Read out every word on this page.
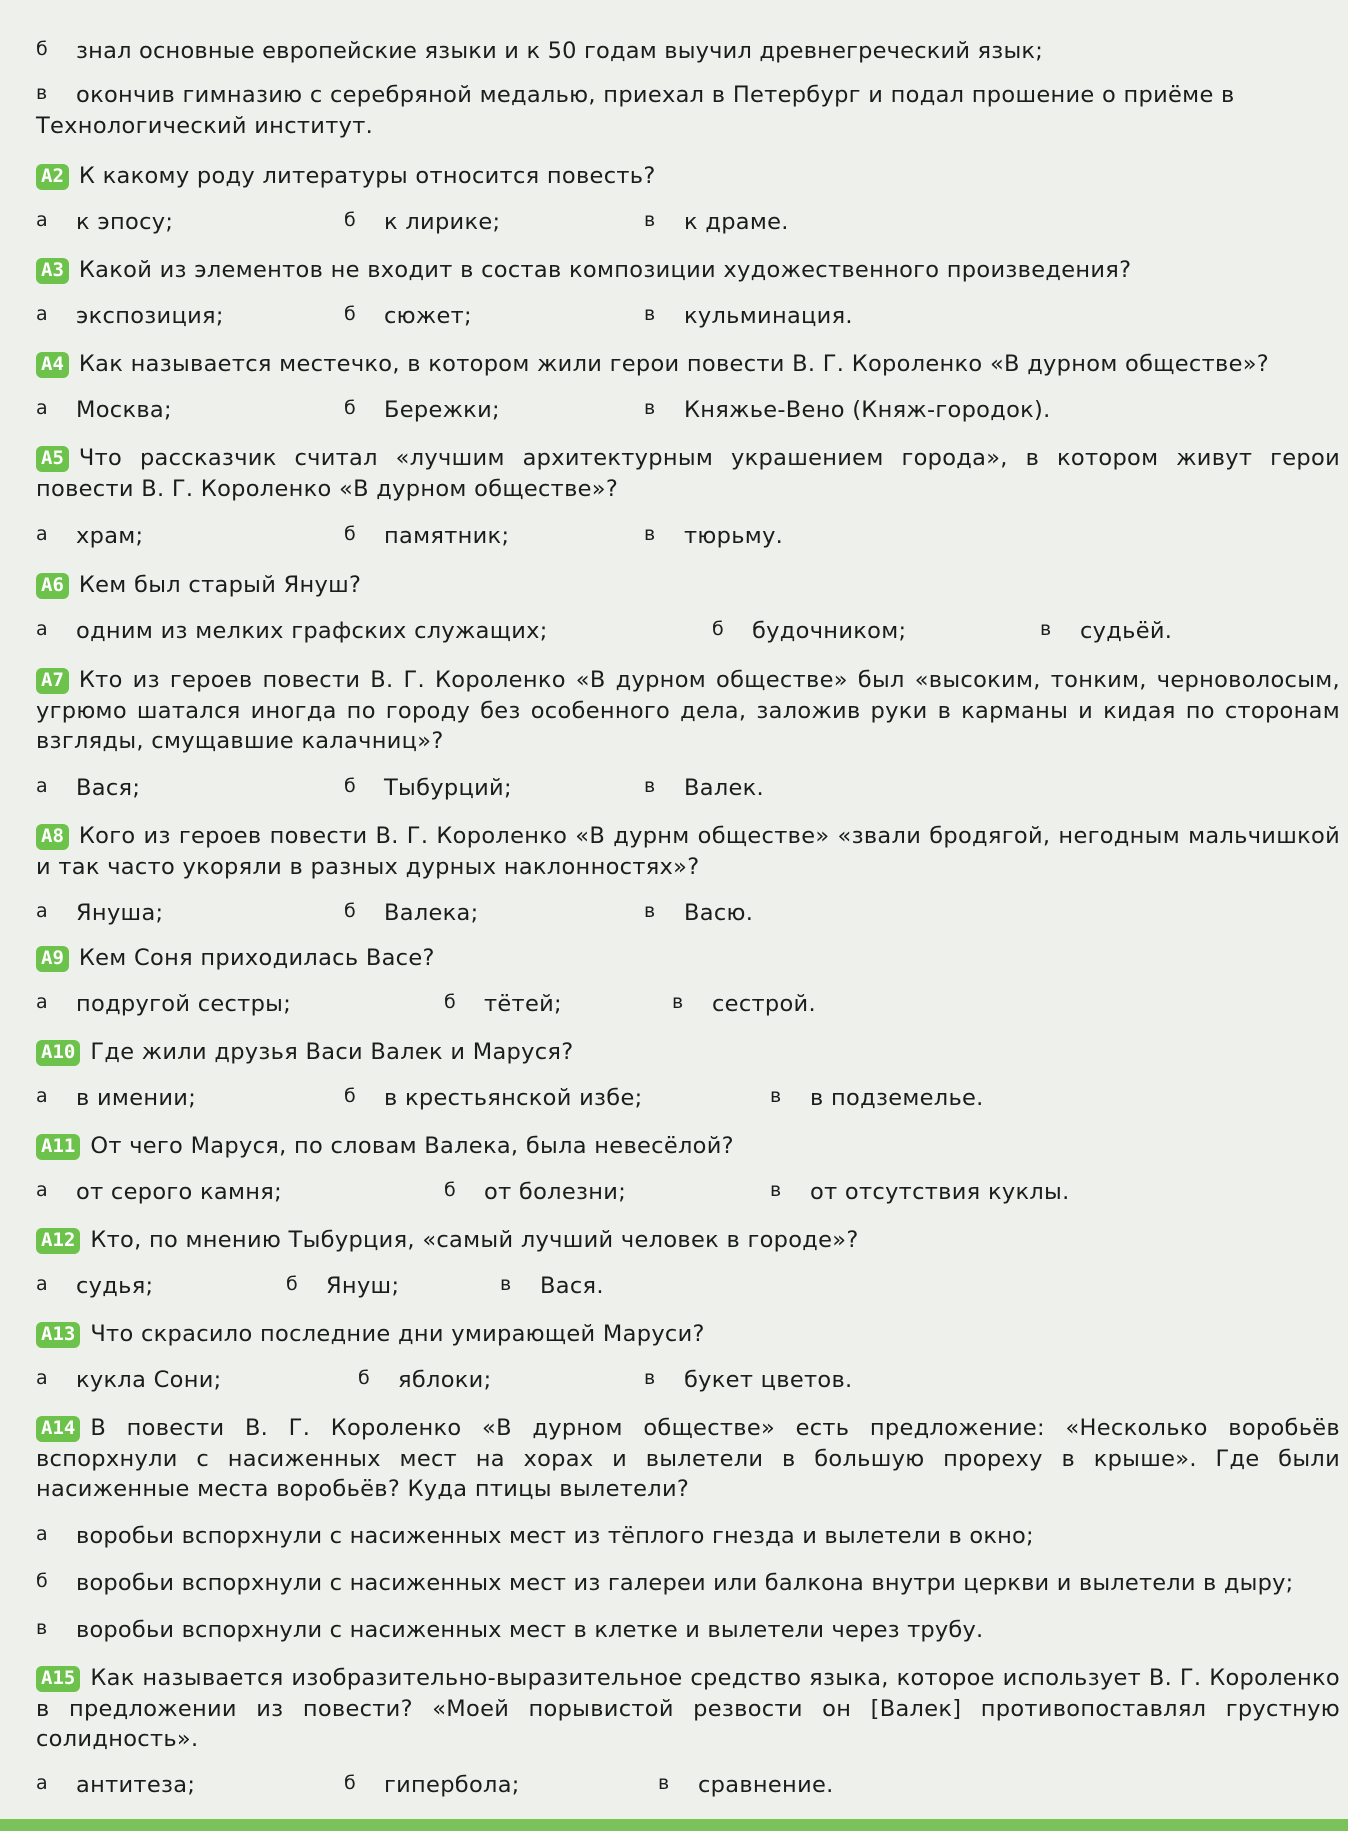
б знал основные европейские языки и к 50 годам выучил древнегреческий язык;
в окончив гимназию с серебряной медалью, приехал в Петербург и подал прошение о приёме в Технологический институт.
A2 К какому роду литературы относится повесть?
а к эпосу;	б к лирике;	в к драме.
A3 Какой из элементов не входит в состав композиции художественного произведения?
а экспозиция;	б сюжет;	в кульминация.
A4 Как называется местечко, в котором жили герои повести В. Г. Короленко «В дурном обществе»?
а Москва;	б Бережки;	в Княжье-Вено (Княж-городок).
A5 Что рассказчик считал «лучшим архитектурным украшением города», в котором живут герои повести В. Г. Короленко «В дурном обществе»?
а храм;	б памятник;	в тюрьму.
A6 Кем был старый Януш?
а одним из мелких графских служащих;	б будочником;	в судьёй.
A7 Кто из героев повести В. Г. Короленко «В дурном обществе» был «высоким, тонким, черноволосым, угрюмо шатался иногда по городу без особенного дела, заложив руки в карманы и кидая по сторонам взгляды, смущавшие калачниц»?
а Вася;	б Тыбурций;	в Валек.
A8 Кого из героев повести В. Г. Короленко «В дурнм обществе» «звали бродягой, негодным мальчишкой и так часто укоряли в разных дурных наклонностях»?
а Януша;	б Валека;	в Васю.
A9 Кем Соня приходилась Васе?
а подругой сестры;	б тётей;	в сестрой.
A10 Где жили друзья Васи Валек и Маруся?
а в имении;	б в крестьянской избе;	в в подземелье.
A11 От чего Маруся, по словам Валека, была невесёлой?
а от серого камня;	б от болезни;	в от отсутствия куклы.
A12 Кто, по мнению Тыбурция, «самый лучший человек в городе»?
а судья;	б Януш;	в Вася.
A13 Что скрасило последние дни умирающей Маруси?
а кукла Сони;	б яблоки;	в букет цветов.
A14 В повести В. Г. Короленко «В дурном обществе» есть предложение: «Несколько воробьёв вспорхнули с насиженных мест на хорах и вылетели в большую прореху в крыше». Где были насиженные места воробьёв? Куда птицы вылетели?
а воробьи вспорхнули с насиженных мест из тёплого гнезда и вылетели в окно;
б воробьи вспорхнули с насиженных мест из галереи или балкона внутри церкви и вылетели в дыру;
в воробьи вспорхнули с насиженных мест в клетке и вылетели через трубу.
A15 Как называется изобразительно-выразительное средство языка, которое использует В. Г. Короленко в предложении из повести? «Моей порывистой резвости он [Валек] противопоставлял грустную солидность».
а антитеза;	б гипербола;	в сравнение.
